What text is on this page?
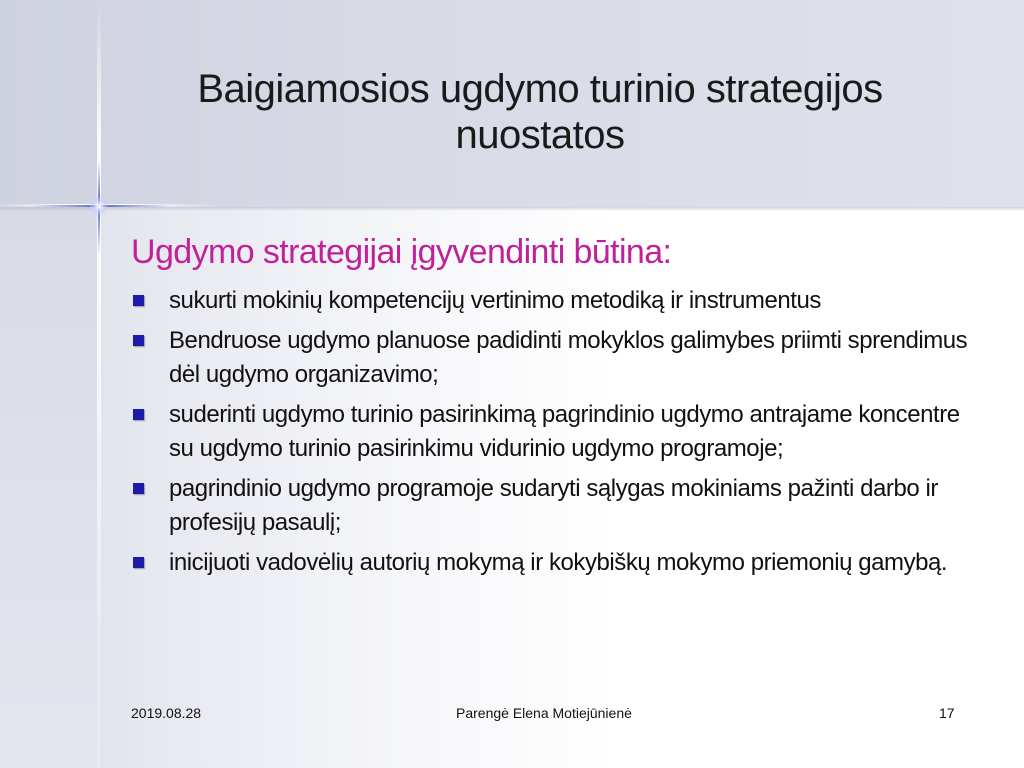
Baigiamosios ugdymo turinio strategijos
nuostatos
Ugdymo strategijai įgyvendinti būtina:
sukurti mokinių kompetencijų vertinimo metodiką ir instrumentus
Bendruose ugdymo planuose padidinti mokyklos galimybes priimti sprendimus dėl ugdymo organizavimo;
suderinti ugdymo turinio pasirinkimą pagrindinio ugdymo antrajame koncentre su ugdymo turinio pasirinkimu vidurinio ugdymo programoje;
pagrindinio ugdymo programoje sudaryti sąlygas mokiniams pažinti darbo ir profesijų pasaulį;
inicijuoti vadovėlių autorių mokymą ir kokybiškų mokymo priemonių gamybą.
2019.08.28	Parengė Elena Motiejūnienė	17
